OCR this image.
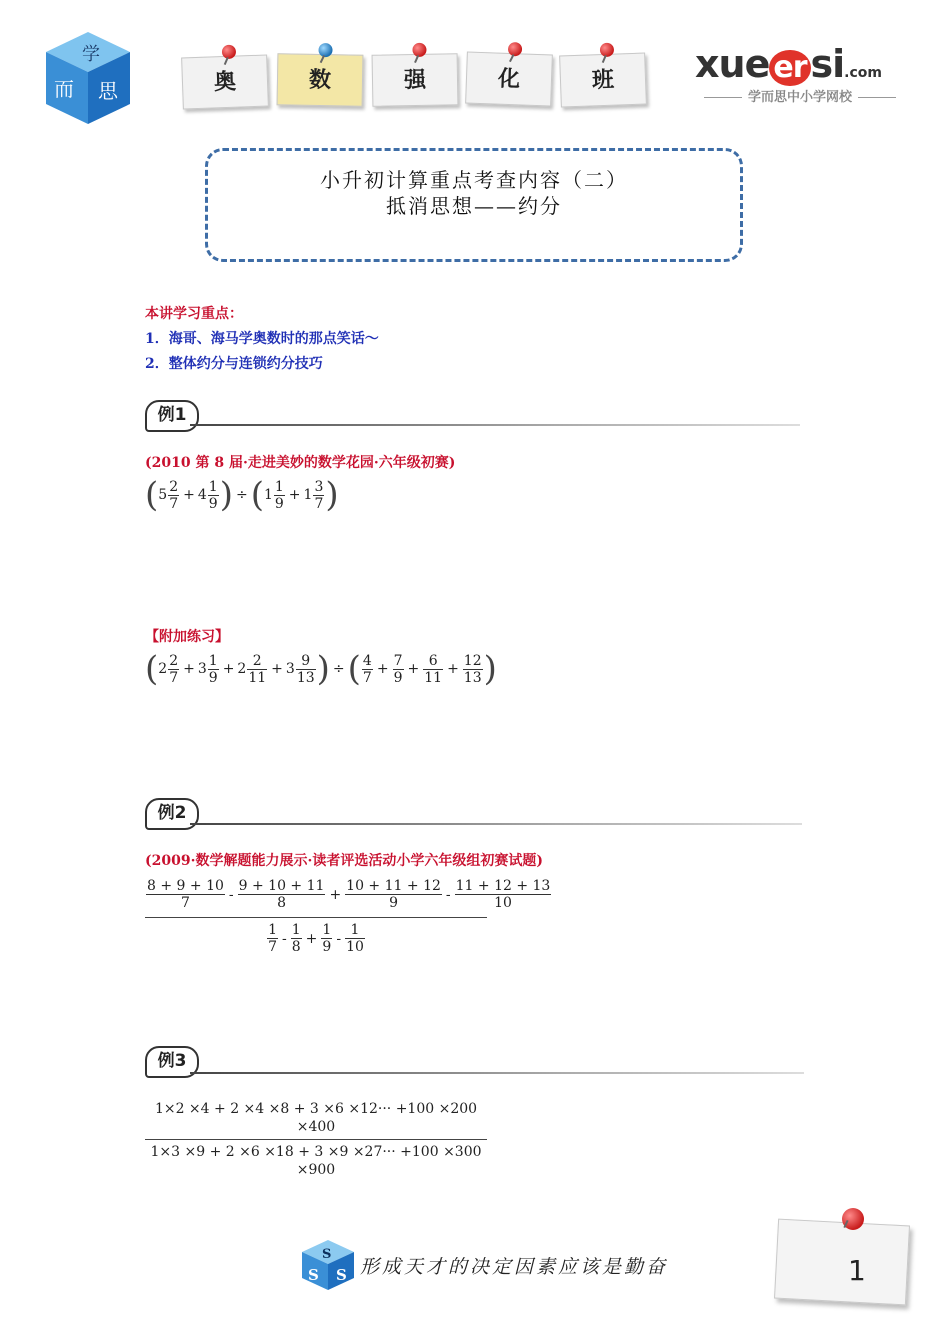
学
而 思	奥	数	强	化	班	xue er si.com
学而思中小学网校
小升初计算重点考查内容（二）
抵消思想——约分
本讲学习重点：
1．海哥、海马学奥数时的那点笑话～
2．整体约分与连锁约分技巧
例1
(2010 第 8 届·走进美妙的数学花园·六年级初赛)
( $5 \frac{2}{7} + 4 \frac{1}{9}$ ) ÷ ( $1 \frac{1}{9} + 1 \frac{3}{7}$ )
【附加练习】
( $2 \frac{2}{7} + 3 \frac{1}{9} + 2 \frac{2}{11} + 3 \frac{9}{13}$ ) ÷ ( $\frac{4}{7} + \frac{7}{9} + \frac{6}{11} + \frac{12}{13}$ )
例2
(2009·数学解题能力展示·读者评选活动小学六年级组初赛试题)
$\frac{8 + 9 + 10}{7} - \frac{9 + 10 + 11}{8} + \frac{10 + 11 + 12}{9} - \frac{11 + 12 + 13}{10}$
$\frac{1}{7} - \frac{1}{8} + \frac{1}{9} - \frac{1}{10}$
例3
1×2 ×4 + 2 ×4 ×8 + 3 ×6 ×12··· +100 ×200 ×400
1×3 ×9 + 2 ×6 ×18 + 3 ×9 ×27··· +100 ×300 ×900
S
S S 形成天才的决定因素应该是勤奋	1
